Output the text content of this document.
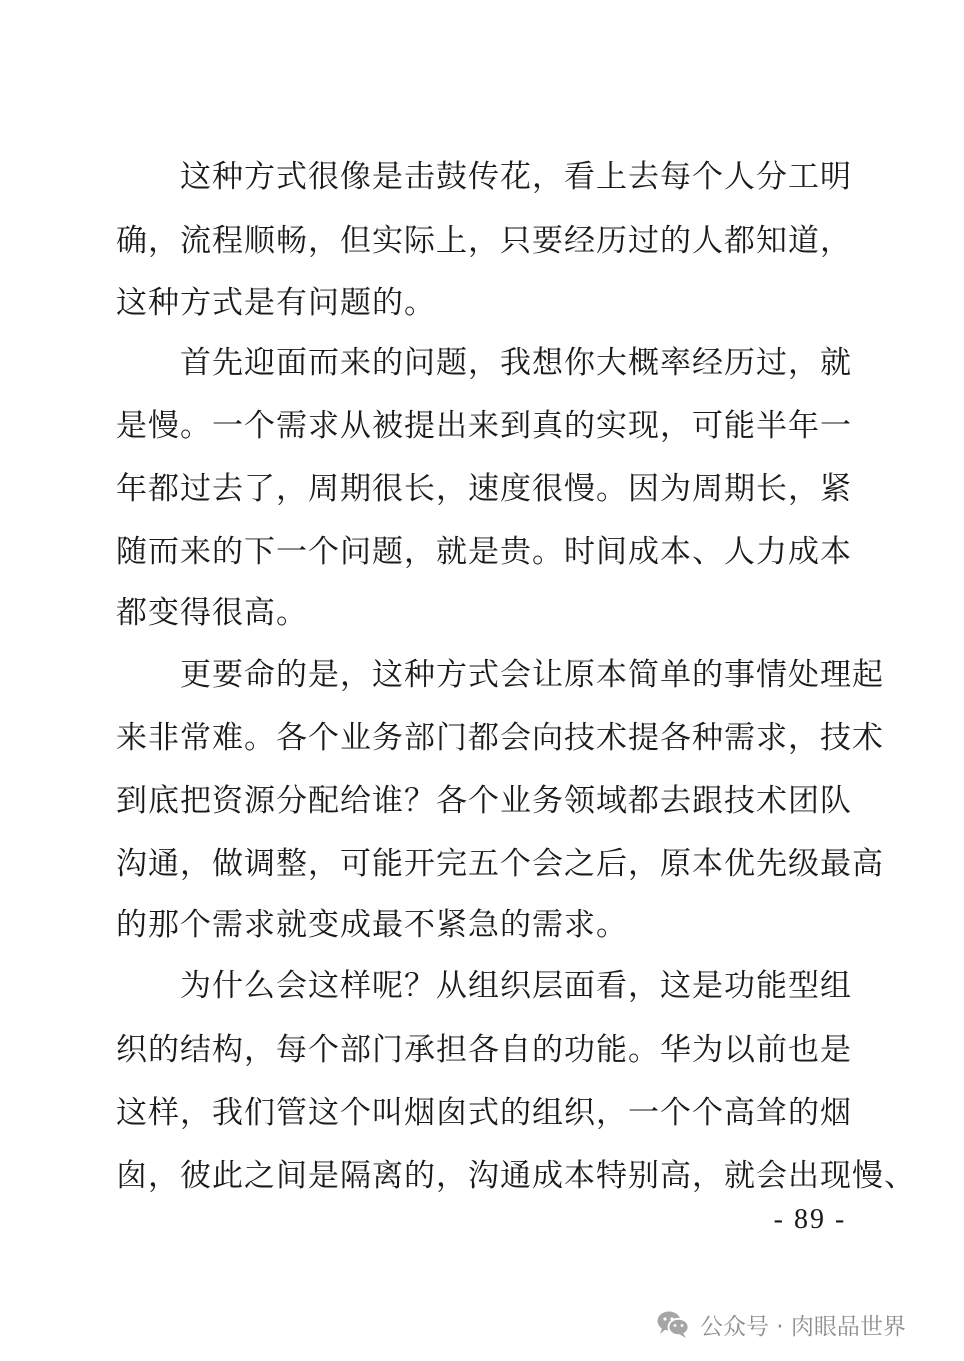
这种方式很像是击鼓传花，看上去每个人分工明
确，流程顺畅，但实际上，只要经历过的人都知道，
这种方式是有问题的。
首先迎面而来的问题，我想你大概率经历过，就
是慢。一个需求从被提出来到真的实现，可能半年一
年都过去了，周期很长，速度很慢。因为周期长，紧
随而来的下一个问题，就是贵。时间成本、人力成本
都变得很高。
更要命的是，这种方式会让原本简单的事情处理起
来非常难。各个业务部门都会向技术提各种需求，技术
到底把资源分配给谁？各个业务领域都去跟技术团队
沟通，做调整，可能开完五个会之后，原本优先级最高
的那个需求就变成最不紧急的需求。
为什么会这样呢？从组织层面看，这是功能型组
织的结构，每个部门承担各自的功能。华为以前也是
这样，我们管这个叫烟囱式的组织，一个个高耸的烟
囱，彼此之间是隔离的，沟通成本特别高，就会出现慢、
- 89 -
公众号 · 肉眼品世界
